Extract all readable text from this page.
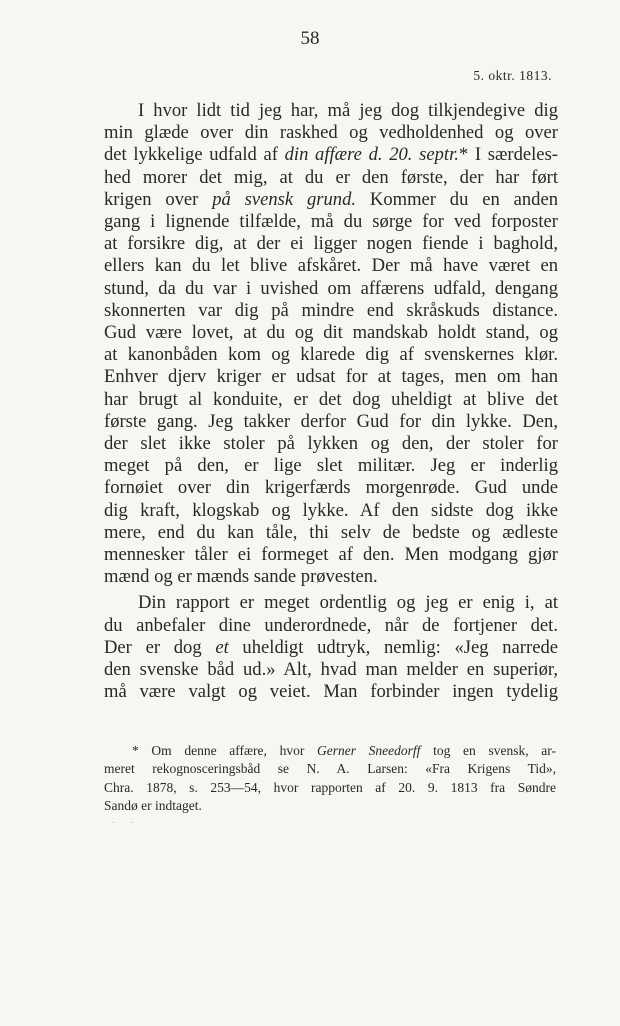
58
5. oktr. 1813.
I hvor lidt tid jeg har, må jeg dog tilkjendegive dig
min glæde over din raskhed og vedholdenhed og over
det lykkelige udfald af din affære d. 20. septr.* I særdeles-
hed morer det mig, at du er den første, der har ført
krigen over på svensk grund. Kommer du en anden
gang i lignende tilfælde, må du sørge for ved forposter
at forsikre dig, at der ei ligger nogen fiende i baghold,
ellers kan du let blive afskåret. Der må have været en
stund, da du var i uvished om affærens udfald, dengang
skonnerten var dig på mindre end skråskuds distance.
Gud være lovet, at du og dit mandskab holdt stand, og
at kanonbåden kom og klarede dig af svenskernes klør.
Enhver djerv kriger er udsat for at tages, men om han
har brugt al konduite, er det dog uheldigt at blive det
første gang. Jeg takker derfor Gud for din lykke. Den,
der slet ikke stoler på lykken og den, der stoler for
meget på den, er lige slet militær. Jeg er inderlig
fornøiet over din krigerfærds morgenrøde. Gud unde
dig kraft, klogskab og lykke. Af den sidste dog ikke
mere, end du kan tåle, thi selv de bedste og ædleste
mennesker tåler ei formeget af den. Men modgang gjør
mænd og er mænds sande prøvesten.
Din rapport er meget ordentlig og jeg er enig i, at
du anbefaler dine underordnede, når de fortjener det.
Der er dog et uheldigt udtryk, nemlig: «Jeg narrede
den svenske båd ud.» Alt, hvad man melder en superiør,
må være valgt og veiet. Man forbinder ingen tydelig
* Om denne affære, hvor Gerner Sneedorff tog en svensk, ar-
meret rekognosceringsbåd se N. A. Larsen: «Fra Krigens Tid»,
Chra. 1878, s. 253—54, hvor rapporten af 20. 9. 1813 fra Søndre
Sandø er indtaget.
· ·
